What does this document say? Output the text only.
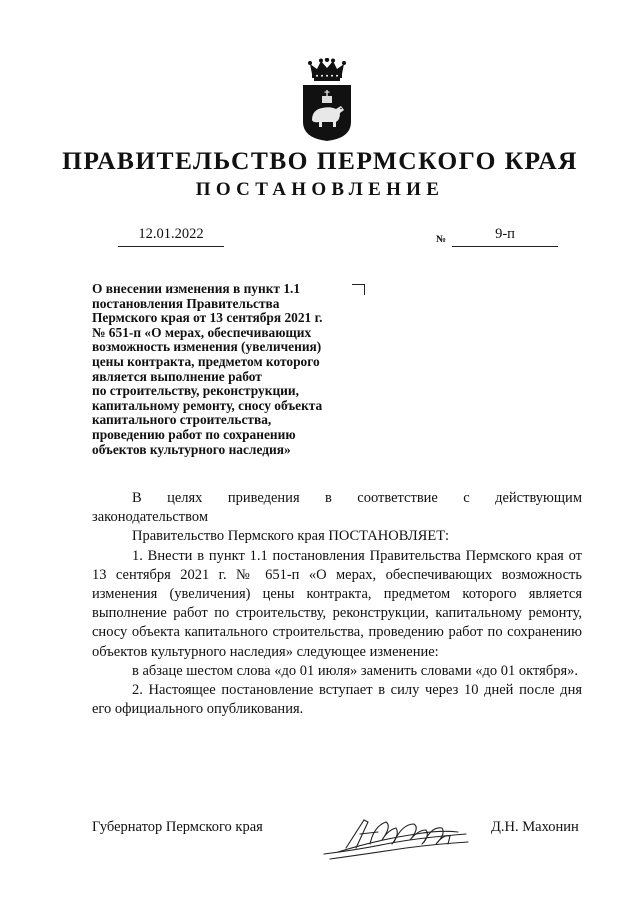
ПРАВИТЕЛЬСТВО ПЕРМСКОГО КРАЯ
ПОСТАНОВЛЕНИЕ
12.01.2022	№	9-п
О внесении изменения в пункт 1.1
постановления Правительства
Пермского края от 13 сентября 2021 г.
№ 651-п «О мерах, обеспечивающих
возможность изменения (увеличения)
цены контракта, предметом которого
является выполнение работ
по строительству, реконструкции,
капитальному ремонту, сносу объекта
капитального строительства,
проведению работ по сохранению
объектов культурного наследия»

В целях приведения в соответствие с действующим

законодательством

Правительство Пермского края ПОСТАНОВЛЯЕТ:

1. Внести в пункт 1.1 постановления Правительства Пермского края от 13 сентября 2021 г. № 651-п «О мерах, обеспечивающих возможность изменения (увеличения) цены контракта, предметом которого является выполнение работ по строительству, реконструкции, капитальному ремонту, сносу объекта капитального строительства, проведению работ по сохранению объектов культурного наследия» следующее изменение:

в абзаце шестом слова «до 01 июля» заменить словами «до 01 октября».

2. Настоящее постановление вступает в силу через 10 дней после дня его официального опубликования.

Губернатор Пермского края	Д.Н. Махонин
